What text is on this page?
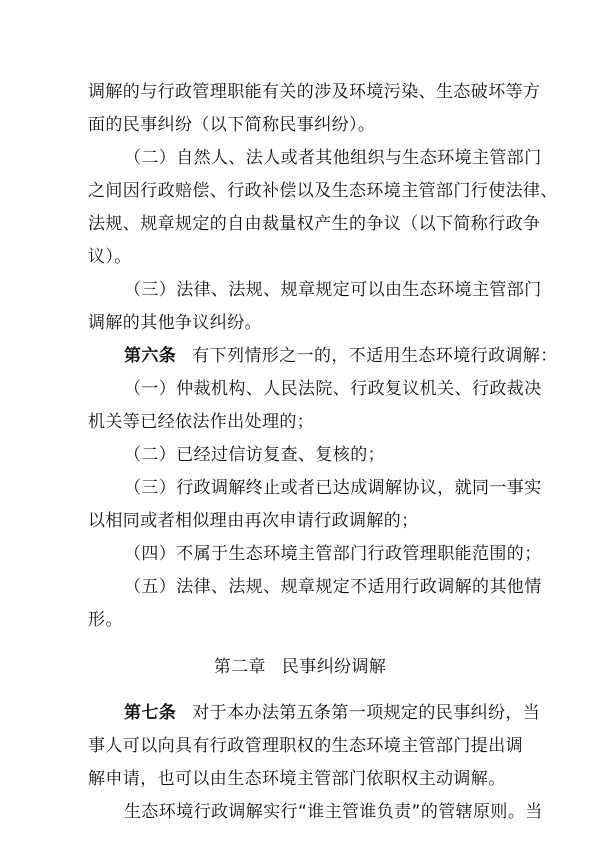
调解的与行政管理职能有关的涉及环境污染、生态破坏等方
面的民事纠纷（以下简称民事纠纷）。
（二）自然人、法人或者其他组织与生态环境主管部门
之间因行政赔偿、行政补偿以及生态环境主管部门行使法律、
法规、规章规定的自由裁量权产生的争议（以下简称行政争
议）。
（三）法律、法规、规章规定可以由生态环境主管部门
调解的其他争议纠纷。
第六条 有下列情形之一的，不适用生态环境行政调解：
（一）仲裁机构、人民法院、行政复议机关、行政裁决
机关等已经依法作出处理的；
（二）已经过信访复查、复核的；
（三）行政调解终止或者已达成调解协议，就同一事实
以相同或者相似理由再次申请行政调解的；
（四）不属于生态环境主管部门行政管理职能范围的；
（五）法律、法规、规章规定不适用行政调解的其他情
形。
第二章 民事纠纷调解
第七条 对于本办法第五条第一项规定的民事纠纷，当
事人可以向具有行政管理职权的生态环境主管部门提出调
解申请，也可以由生态环境主管部门依职权主动调解。
生态环境行政调解实行“谁主管谁负责”的管辖原则。当
